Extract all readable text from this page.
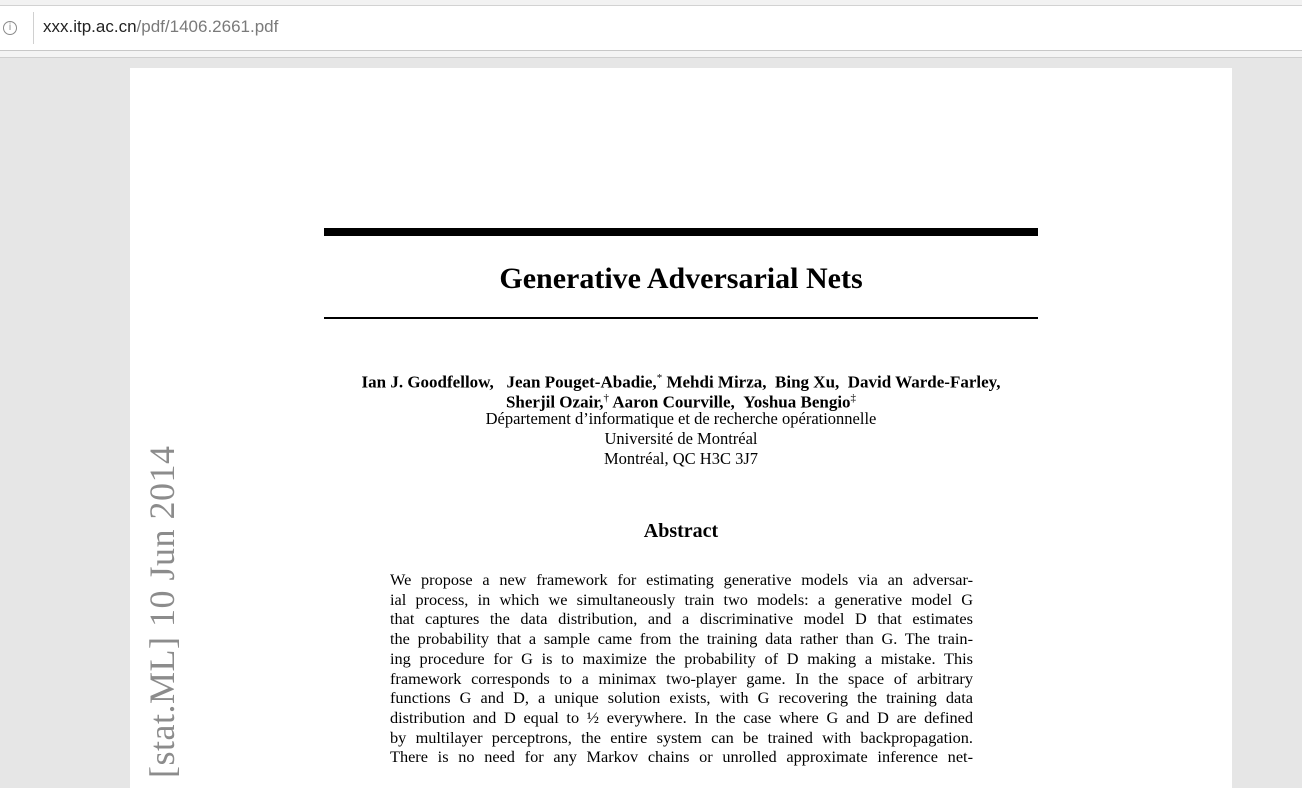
i	xxx.itp.ac.cn/pdf/1406.2661.pdf
Generative Adversarial Nets
Ian J. Goodfellow, Jean Pouget-Abadie,* Mehdi Mirza, Bing Xu, David Warde-Farley,
Sherjil Ozair,† Aaron Courville, Yoshua Bengio‡
Département d’informatique et de recherche opérationnelle
Université de Montréal
Montréal, QC H3C 3J7
Abstract
We propose a new framework for estimating generative models via an adversar-
ial process, in which we simultaneously train two models: a generative model G
that captures the data distribution, and a discriminative model D that estimates
the probability that a sample came from the training data rather than G. The train-
ing procedure for G is to maximize the probability of D making a mistake. This
framework corresponds to a minimax two-player game. In the space of arbitrary
functions G and D, a unique solution exists, with G recovering the training data
distribution and D equal to ½ everywhere. In the case where G and D are defined
by multilayer perceptrons, the entire system can be trained with backpropagation.
There is no need for any Markov chains or unrolled approximate inference net-
[stat.ML] 10 Jun 2014
